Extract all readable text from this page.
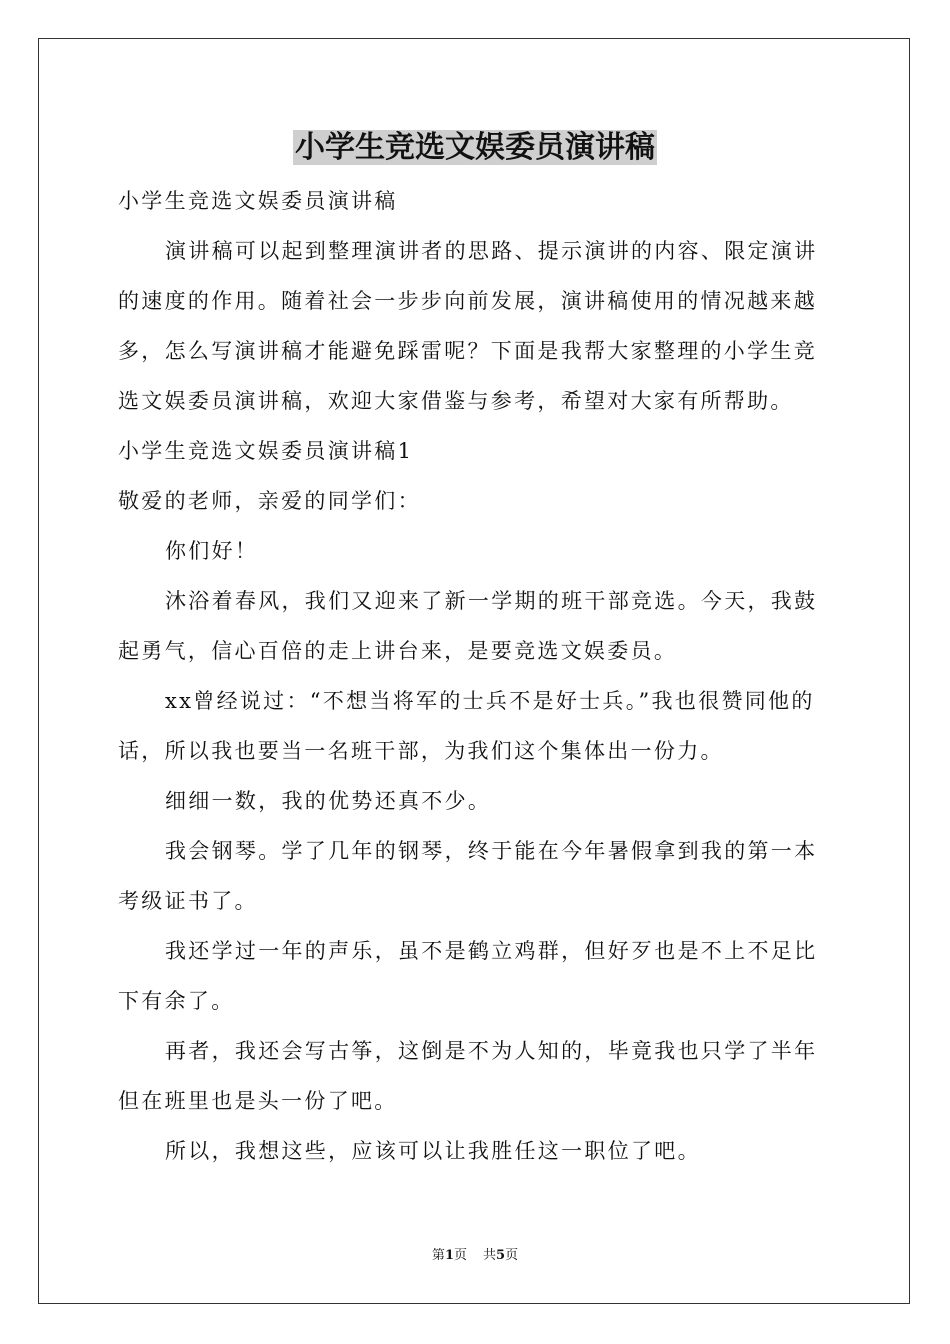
小学生竞选文娱委员演讲稿

小学生竞选文娱委员演讲稿

演讲稿可以起到整理演讲者的思路、提示演讲的内容、限定演讲的速度的作用。随着社会一步步向前发展，演讲稿使用的情况越来越多，怎么写演讲稿才能避免踩雷呢？下面是我帮大家整理的小学生竞选文娱委员演讲稿，欢迎大家借鉴与参考，希望对大家有所帮助。

小学生竞选文娱委员演讲稿1

敬爱的老师，亲爱的同学们：

你们好！

沐浴着春风，我们又迎来了新一学期的班干部竞选。今天，我鼓起勇气，信心百倍的走上讲台来，是要竞选文娱委员。

xx曾经说过：“不想当将军的士兵不是好士兵。”我也很赞同他的话，所以我也要当一名班干部，为我们这个集体出一份力。

细细一数，我的优势还真不少。

我会钢琴。学了几年的钢琴，终于能在今年暑假拿到我的第一本考级证书了。

我还学过一年的声乐，虽不是鹤立鸡群，但好歹也是不上不足比下有余了。

再者，我还会写古筝，这倒是不为人知的，毕竟我也只学了半年但在班里也是头一份了吧。

所以，我想这些，应该可以让我胜任这一职位了吧。

第1页 共5页
